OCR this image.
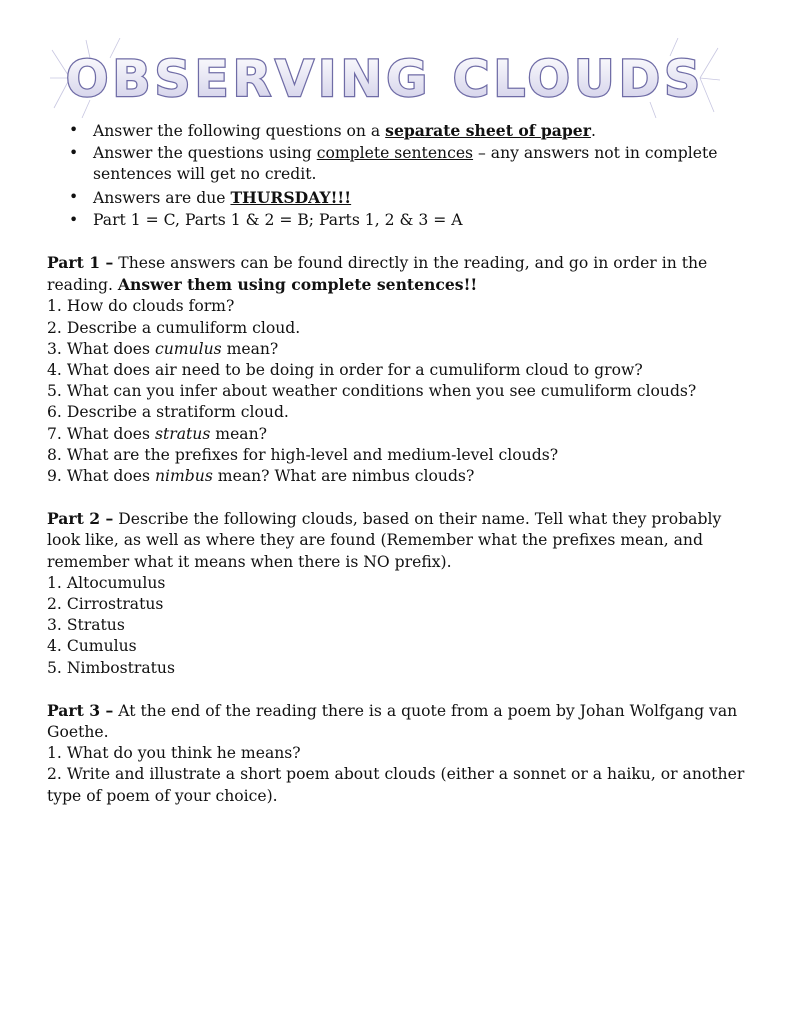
OBSERVING CLOUDS
• Answer the following questions on a separate sheet of paper.
• Answer the questions using complete sentences – any answers not in complete sentences will get no credit.
• Answers are due THURSDAY!!!
• Part 1 = C, Parts 1 & 2 = B; Parts 1, 2 & 3 = A

Part 1 – These answers can be found directly in the reading, and go in order in the reading. Answer them using complete sentences!!

1. How do clouds form?
2. Describe a cumuliform cloud.
3. What does cumulus mean?
4. What does air need to be doing in order for a cumuliform cloud to grow?
5. What can you infer about weather conditions when you see cumuliform clouds?
6. Describe a stratiform cloud.
7. What does stratus mean?
8. What are the prefixes for high-level and medium-level clouds?
9. What does nimbus mean? What are nimbus clouds?

Part 2 – Describe the following clouds, based on their name. Tell what they probably look like, as well as where they are found (Remember what the prefixes mean, and remember what it means when there is NO prefix).

1. Altocumulus
2. Cirrostratus
3. Stratus
4. Cumulus
5. Nimbostratus

Part 3 – At the end of the reading there is a quote from a poem by Johan Wolfgang van Goethe.

1. What do you think he means?
2. Write and illustrate a short poem about clouds (either a sonnet or a haiku, or another type of poem of your choice).
